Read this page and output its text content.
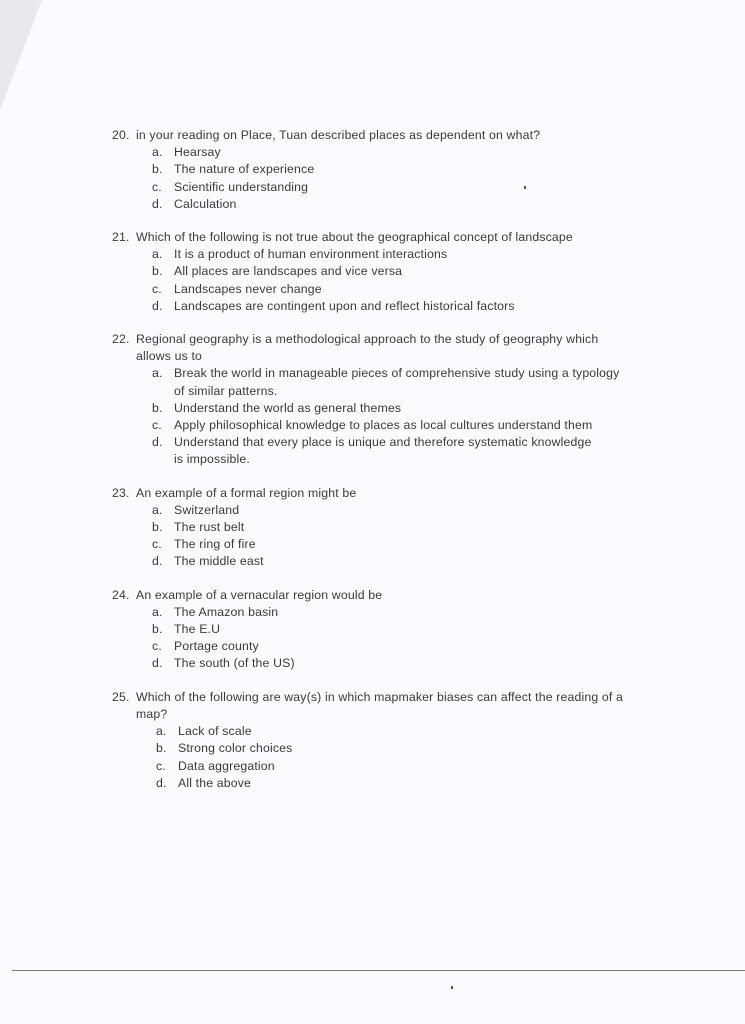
20. in your reading on Place, Tuan described places as dependent on what?
a. Hearsay
b. The nature of experience
c. Scientific understanding
d. Calculation
21. Which of the following is not true about the geographical concept of landscape
a. It is a product of human environment interactions
b. All places are landscapes and vice versa
c. Landscapes never change
d. Landscapes are contingent upon and reflect historical factors
22. Regional geography is a methodological approach to the study of geography which allows us to
a. Break the world in manageable pieces of comprehensive study using a typology of similar patterns.
b. Understand the world as general themes
c. Apply philosophical knowledge to places as local cultures understand them
d. Understand that every place is unique and therefore systematic knowledge is impossible.
23. An example of a formal region might be
a. Switzerland
b. The rust belt
c. The ring of fire
d. The middle east
24. An example of a vernacular region would be
a. The Amazon basin
b. The E.U
c. Portage county
d. The south (of the US)
25. Which of the following are way(s) in which mapmaker biases can affect the reading of a map?
a. Lack of scale
b. Strong color choices
c. Data aggregation
d. All the above
